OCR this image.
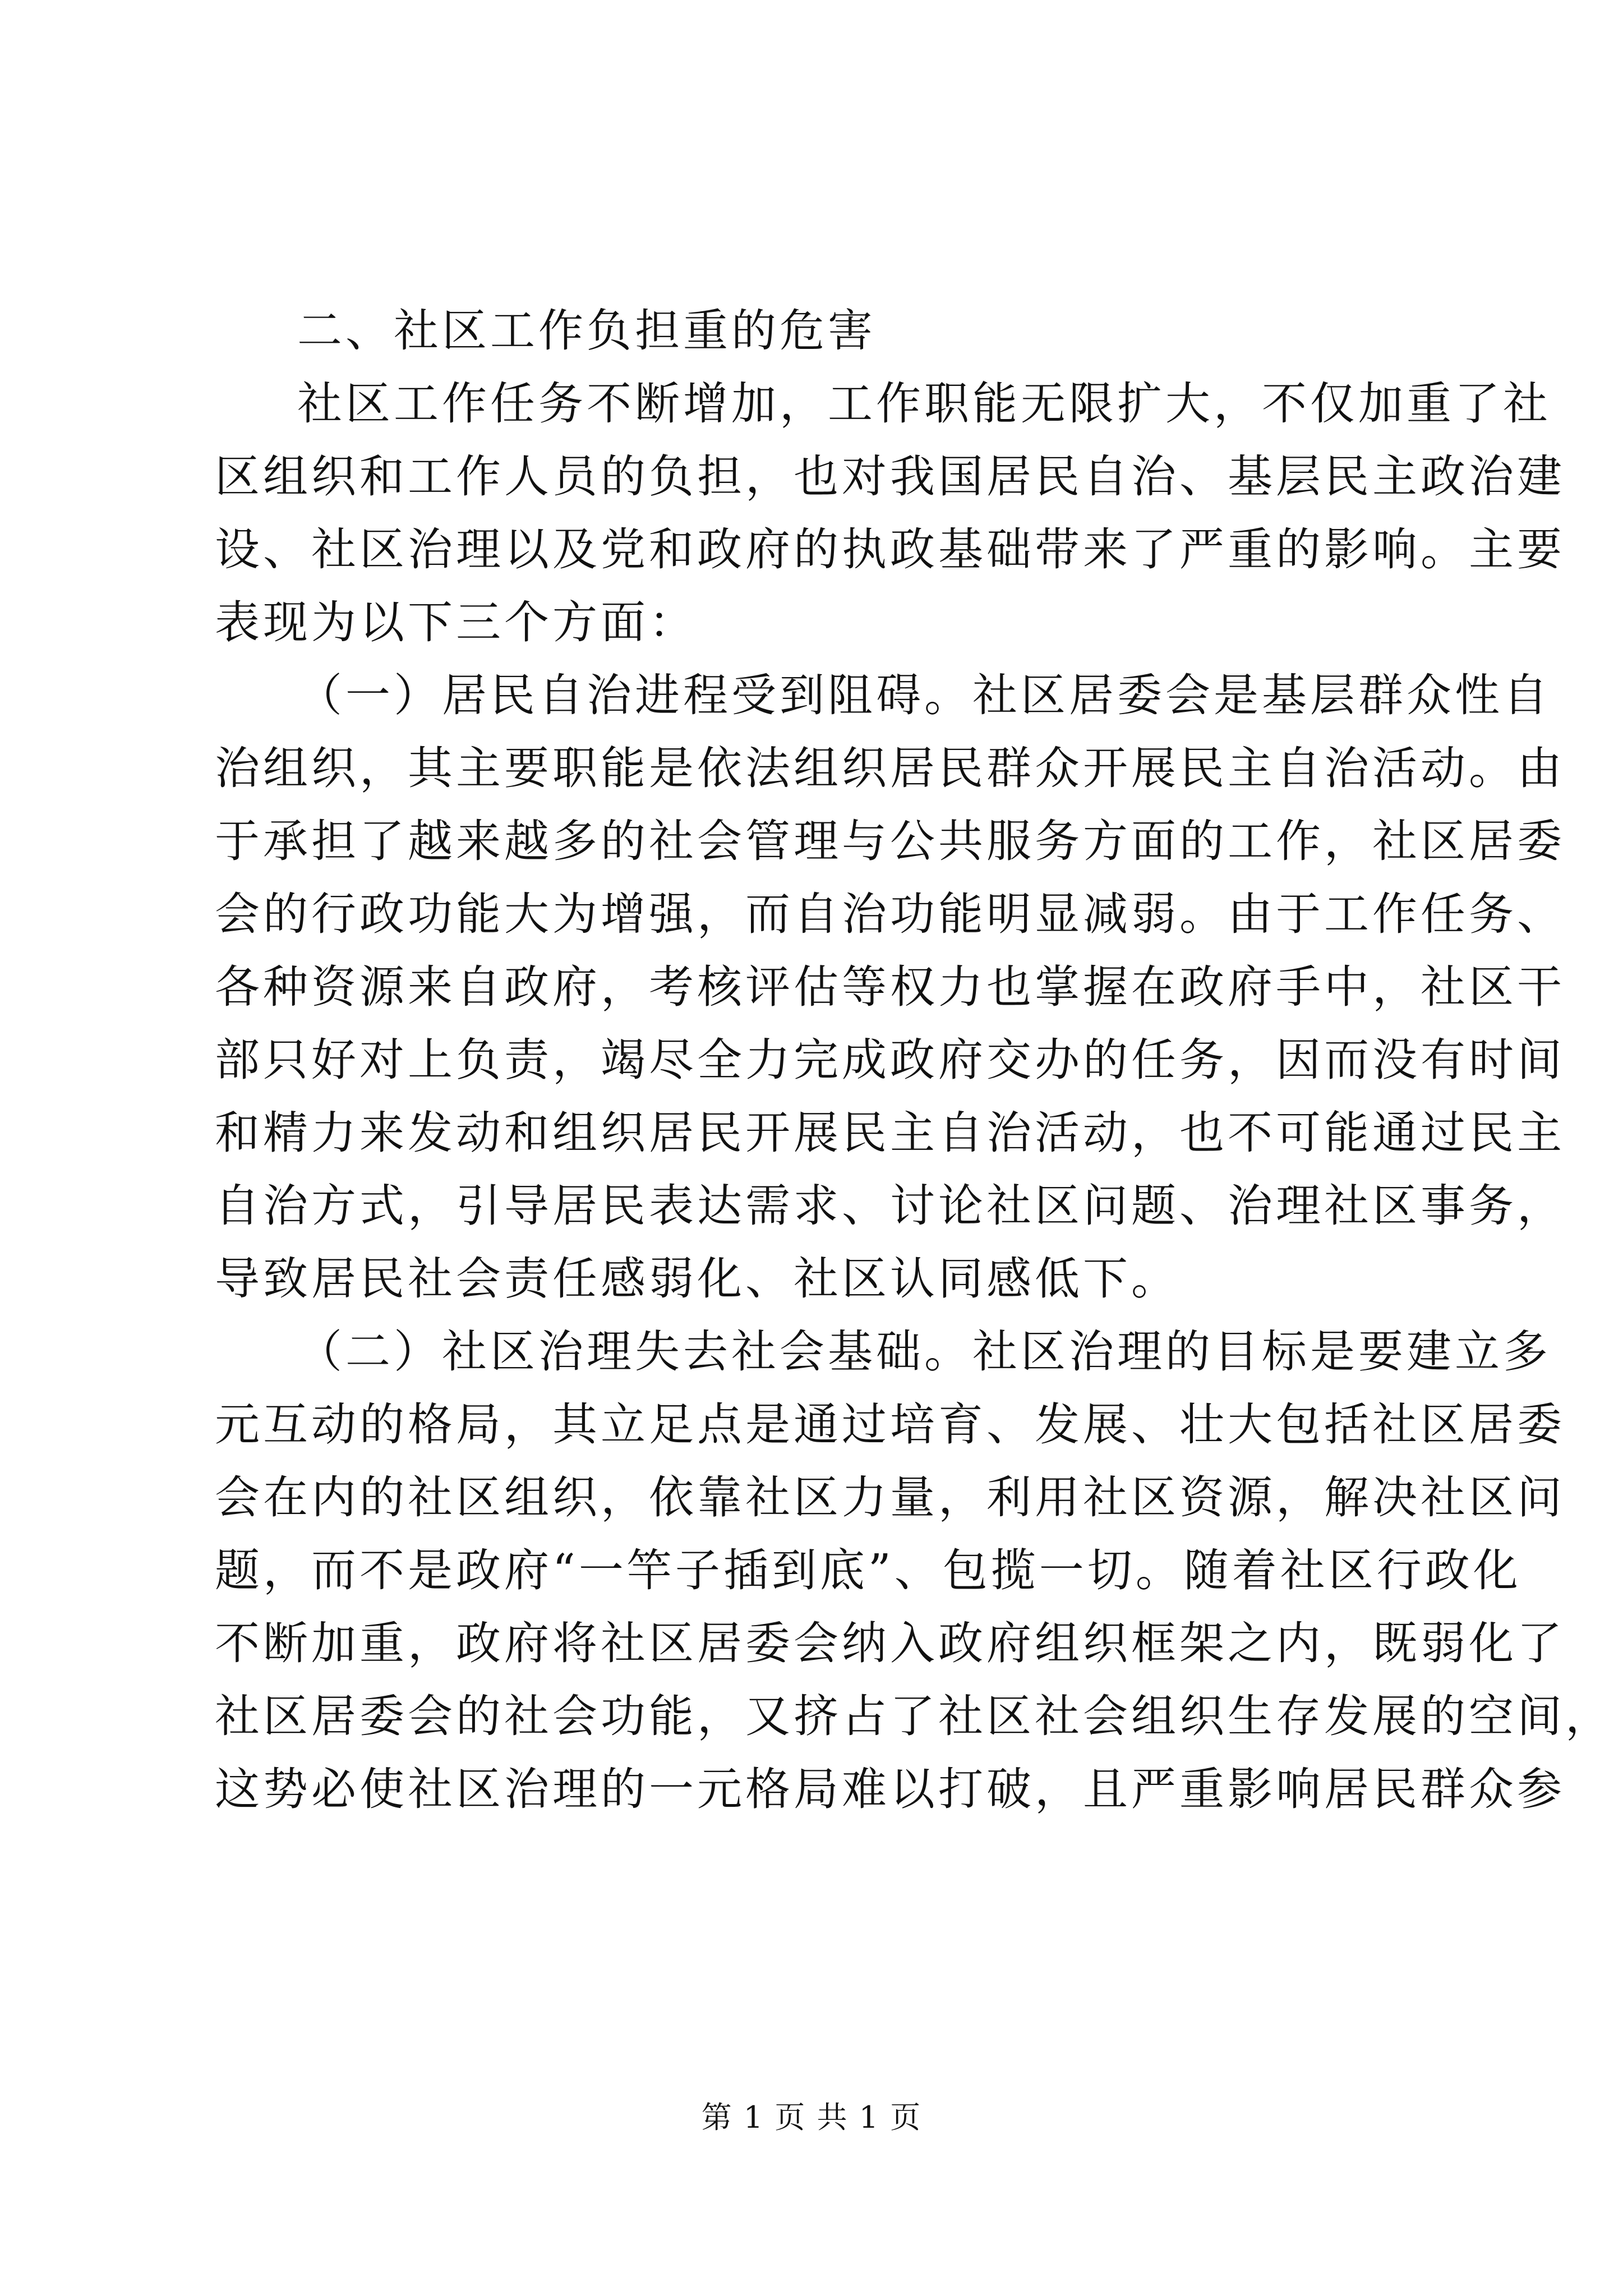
二、社区工作负担重的危害

社区工作任务不断增加，工作职能无限扩大，不仅加重了社

区组织和工作人员的负担，也对我国居民自治、基层民主政治建

设、社区治理以及党和政府的执政基础带来了严重的影响。主要

表现为以下三个方面：

（一）居民自治进程受到阻碍。社区居委会是基层群众性自

治组织，其主要职能是依法组织居民群众开展民主自治活动。由

于承担了越来越多的社会管理与公共服务方面的工作，社区居委

会的行政功能大为增强，而自治功能明显减弱。由于工作任务、

各种资源来自政府，考核评估等权力也掌握在政府手中，社区干

部只好对上负责，竭尽全力完成政府交办的任务，因而没有时间

和精力来发动和组织居民开展民主自治活动，也不可能通过民主

自治方式，引导居民表达需求、讨论社区问题、治理社区事务，

导致居民社会责任感弱化、社区认同感低下。

（二）社区治理失去社会基础。社区治理的目标是要建立多

元互动的格局，其立足点是通过培育、发展、壮大包括社区居委

会在内的社区组织，依靠社区力量，利用社区资源，解决社区问

题，而不是政府“一竿子插到底”、包揽一切。随着社区行政化

不断加重，政府将社区居委会纳入政府组织框架之内，既弱化了

社区居委会的社会功能，又挤占了社区社会组织生存发展的空间，

这势必使社区治理的一元格局难以打破，且严重影响居民群众参

第 1 页 共 1 页
